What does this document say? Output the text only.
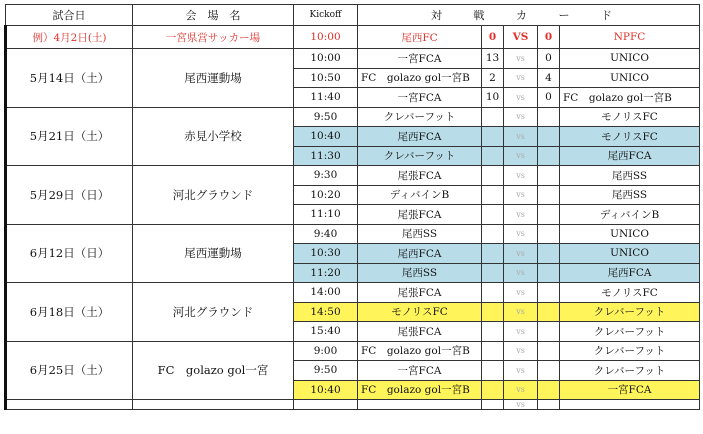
試合日	会　場　名	Kickoff	対 戦 カ ー ド				
例）4月2日(土)	一宮県営サッカー場	10:00	尾西FC	0	VS	0	NPFC
5月14日（土）	尾西運動場	10:00	一宮FCA	13	vs	0	UNICO
		10:50	FC　golazo gol一宮B	2	vs	4	UNICO
		11:40	一宮FCA	10	vs	0	FC　golazo gol一宮B
5月21日（土）	赤見小学校	9:50	クレバーフット		vs		モノリスFC
		10:40	尾西FCA		vs		モノリスFC
		11:30	クレバーフット		vs		尾西FCA
5月29日（日）	河北グラウンド	9:30	尾張FCA		vs		尾西SS
		10:20	ディバインB		vs		尾西SS
		11:10	尾張FCA		vs		ディバインB
6月12日（日）	尾西運動場	9:40	尾西SS		vs		UNICO
		10:30	尾西FCA		vs		UNICO
		11:20	尾西SS		vs		尾西FCA
6月18日（土）	河北グラウンド	14:00	尾張FCA		vs		モノリスFC
		14:50	モノリスFC		vs		クレバーフット
		15:40	尾張FCA		vs		クレバーフット
6月25日（土）	FC　golazo gol一宮	9:00	FC　golazo gol一宮B		vs		クレバーフット
		9:50	一宮FCA		vs		クレバーフット
		10:40	FC　golazo gol一宮B		vs		一宮FCA
					vs		
